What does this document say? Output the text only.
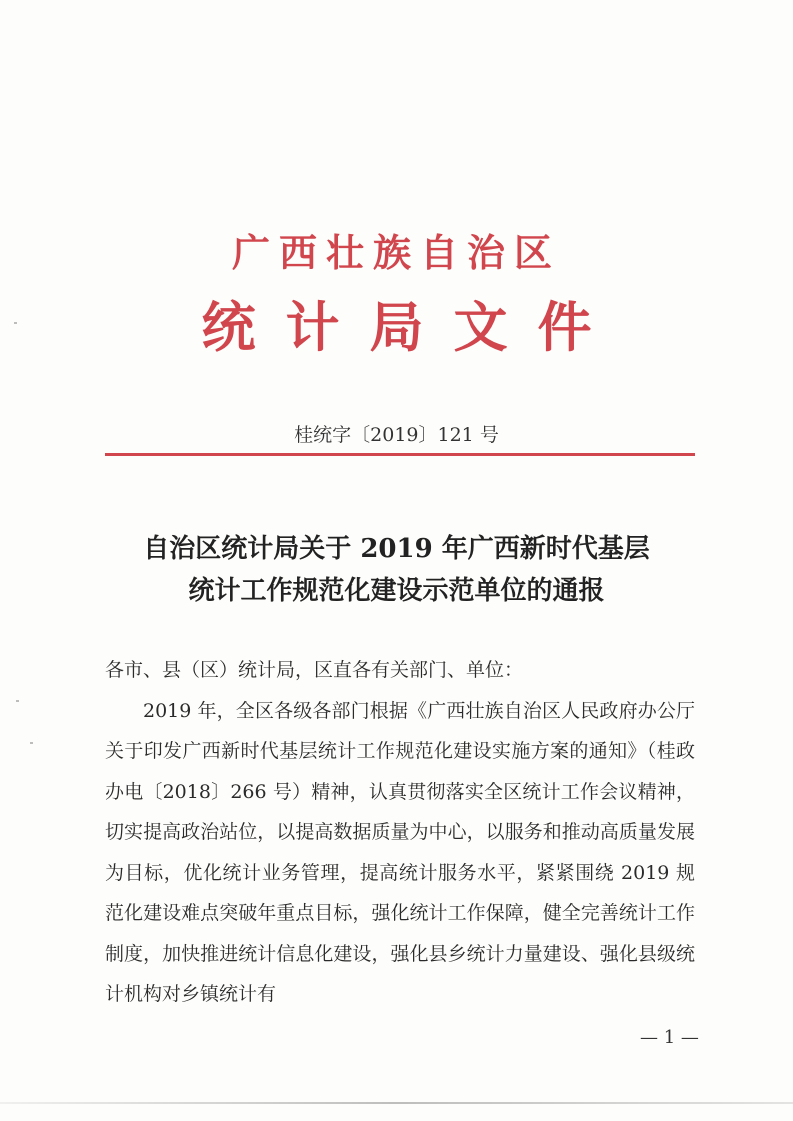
广西壮族自治区
统计局文件
桂统字〔2019〕121 号
自治区统计局关于 2019 年广西新时代基层
统计工作规范化建设示范单位的通报

各市、县（区）统计局，区直各有关部门、单位：

2019 年，全区各级各部门根据《广西壮族自治区人民政府办公厅关于印发广西新时代基层统计工作规范化建设实施方案的通知》（桂政办电〔2018〕266 号）精神，认真贯彻落实全区统计工作会议精神，切实提高政治站位，以提高数据质量为中心，以服务和推动高质量发展为目标，优化统计业务管理，提高统计服务水平，紧紧围绕 2019 规范化建设难点突破年重点目标，强化统计工作保障，健全完善统计工作制度，加快推进统计信息化建设，强化县乡统计力量建设、强化县级统计机构对乡镇统计有

— 1 —
